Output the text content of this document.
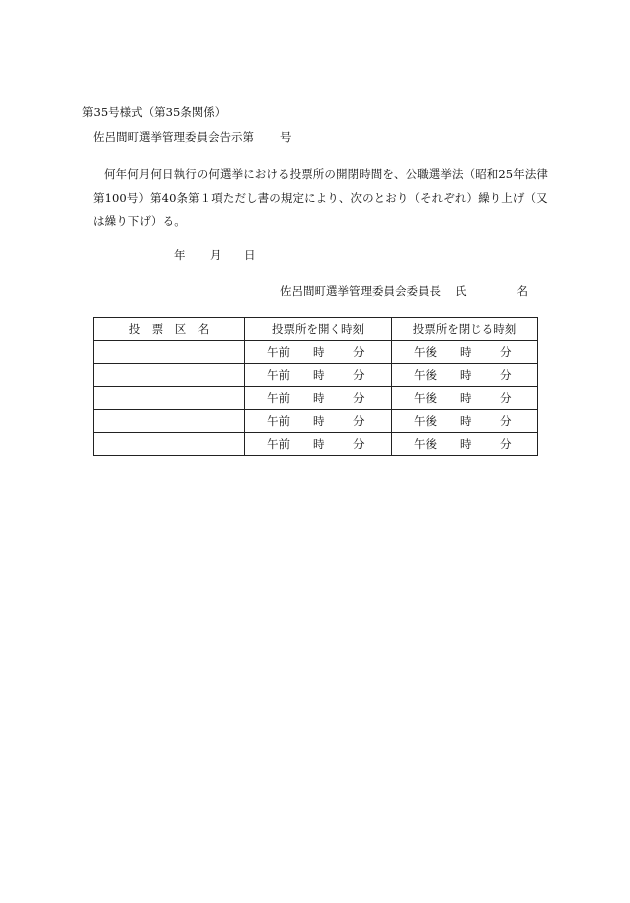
第35号様式（第35条関係）
佐呂間町選挙管理委員会告示第 号
何年何月何日執行の何選挙における投票所の開閉時間を、公職選挙法（昭和25年法律
第100号）第40条第１項ただし書の規定により、次のとおり（それぞれ）繰り上げ（又
は繰り下げ）る。
年 月 日
佐呂間町選挙管理委員会委員長 氏	名
投　票　区　名	投票所を開く時刻	投票所を閉じる時刻
	午前 時 分	午後 時 分
	午前 時 分	午後 時 分
	午前 時 分	午後 時 分
	午前 時 分	午後 時 分
	午前 時 分	午後 時 分
